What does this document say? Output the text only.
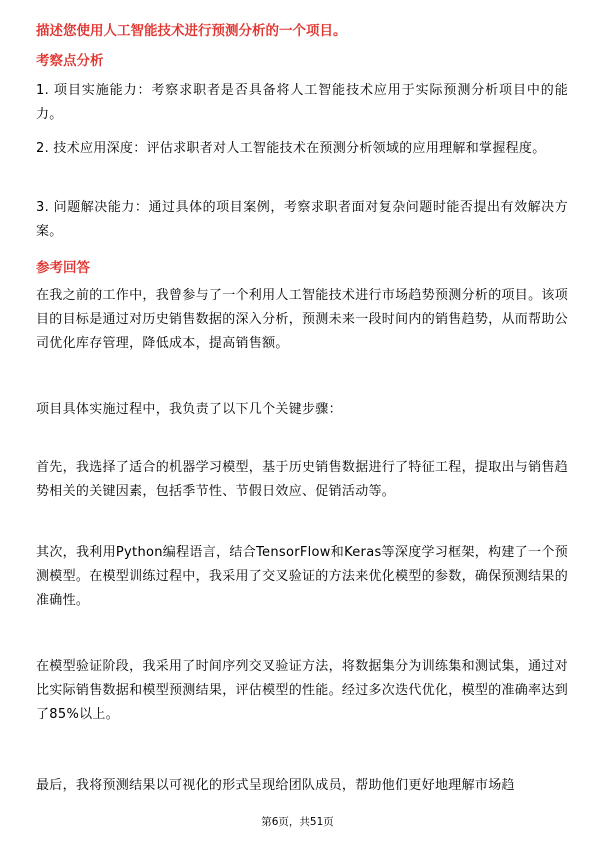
描述您使用人工智能技术进行预测分析的一个项目。

考察点分析

1. 项目实施能力：考察求职者是否具备将人工智能技术应用于实际预测分析项目中的能力。

2. 技术应用深度：评估求职者对人工智能技术在预测分析领域的应用理解和掌握程度。

3. 问题解决能力：通过具体的项目案例，考察求职者面对复杂问题时能否提出有效解决方案。

参考回答

在我之前的工作中，我曾参与了一个利用人工智能技术进行市场趋势预测分析的项目。该项目的目标是通过对历史销售数据的深入分析，预测未来一段时间内的销售趋势，从而帮助公司优化库存管理，降低成本，提高销售额。

项目具体实施过程中，我负责了以下几个关键步骤：

首先，我选择了适合的机器学习模型，基于历史销售数据进行了特征工程，提取出与销售趋势相关的关键因素，包括季节性、节假日效应、促销活动等。

其次，我利用Python编程语言，结合TensorFlow和Keras等深度学习框架，构建了一个预测模型。在模型训练过程中，我采用了交叉验证的方法来优化模型的参数，确保预测结果的准确性。

在模型验证阶段，我采用了时间序列交叉验证方法，将数据集分为训练集和测试集，通过对比实际销售数据和模型预测结果，评估模型的性能。经过多次迭代优化，模型的准确率达到了85%以上。

最后，我将预测结果以可视化的形式呈现给团队成员，帮助他们更好地理解市场趋

第6页，共51页
